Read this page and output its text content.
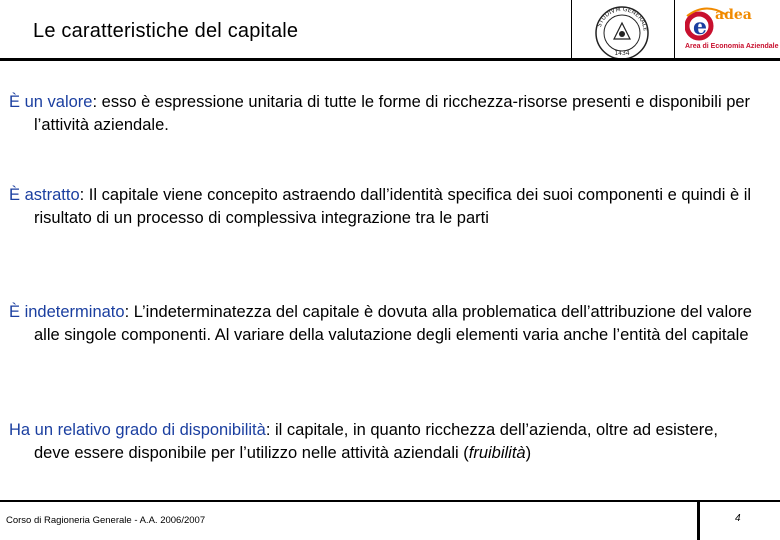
Le caratteristiche del capitale	STUDIVM GENERALE
1434
e adea
Area di Economia Aziendale
È un valore: esso è espressione unitaria di tutte le forme di ricchezza-risorse presenti e disponibili per l’attività aziendale.
È astratto: Il capitale viene concepito astraendo dall’identità specifica dei suoi componenti e quindi è il risultato di un processo di complessiva integrazione tra le parti
È indeterminato: L’indeterminatezza del capitale è dovuta alla problematica dell’attribuzione del valore alle singole componenti. Al variare della valutazione degli elementi varia anche l’entità del capitale
Ha un relativo grado di disponibilità: il capitale, in quanto ricchezza dell’azienda, oltre ad esistere, deve essere disponibile per l’utilizzo nelle attività aziendali (fruibilità)
Corso di Ragioneria Generale - A.A. 2006/2007	4
